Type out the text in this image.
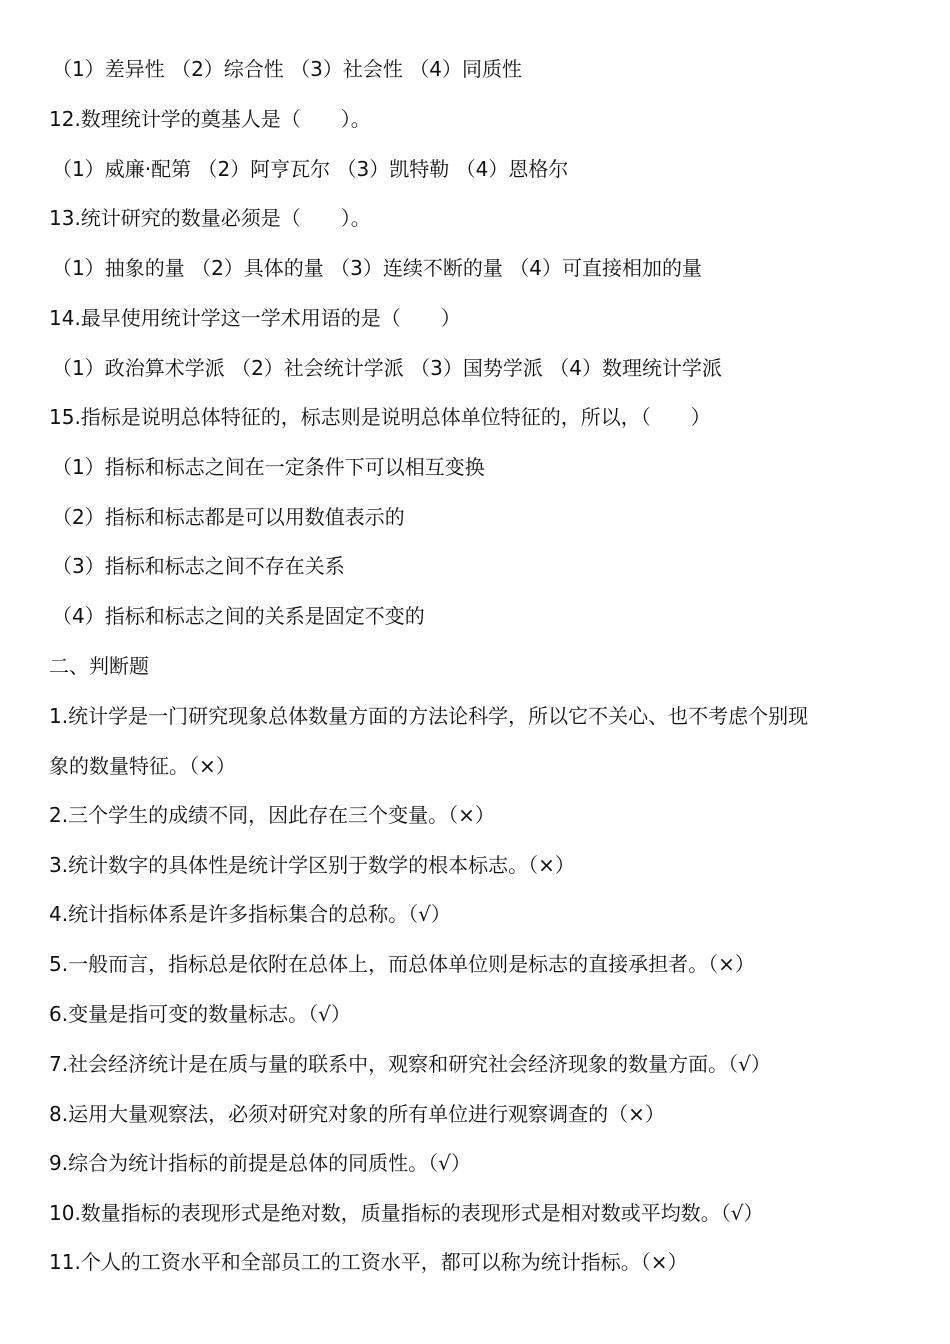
（1）差异性 （2）综合性 （3）社会性 （4）同质性
12.数理统计学的奠基人是（　　）。
（1）威廉·配第 （2）阿亨瓦尔 （3）凯特勒 （4）恩格尔
13.统计研究的数量必须是（　　）。
（1）抽象的量 （2）具体的量 （3）连续不断的量 （4）可直接相加的量
14.最早使用统计学这一学术用语的是（　　）
（1）政治算术学派 （2）社会统计学派 （3）国势学派 （4）数理统计学派
15.指标是说明总体特征的，标志则是说明总体单位特征的，所以，（　　）
（1）指标和标志之间在一定条件下可以相互变换
（2）指标和标志都是可以用数值表示的
（3）指标和标志之间不存在关系
（4）指标和标志之间的关系是固定不变的
二、判断题
1.统计学是一门研究现象总体数量方面的方法论科学，所以它不关心、也不考虑个别现
象的数量特征。（×）
2.三个学生的成绩不同，因此存在三个变量。（×）
3.统计数字的具体性是统计学区别于数学的根本标志。（×）
4.统计指标体系是许多指标集合的总称。（√）
5.一般而言，指标总是依附在总体上，而总体单位则是标志的直接承担者。（×）
6.变量是指可变的数量标志。（√）
7.社会经济统计是在质与量的联系中，观察和研究社会经济现象的数量方面。（√）
8.运用大量观察法，必须对研究对象的所有单位进行观察调查的（×）
9.综合为统计指标的前提是总体的同质性。（√）
10.数量指标的表现形式是绝对数，质量指标的表现形式是相对数或平均数。（√）
11.个人的工资水平和全部员工的工资水平，都可以称为统计指标。（×）
